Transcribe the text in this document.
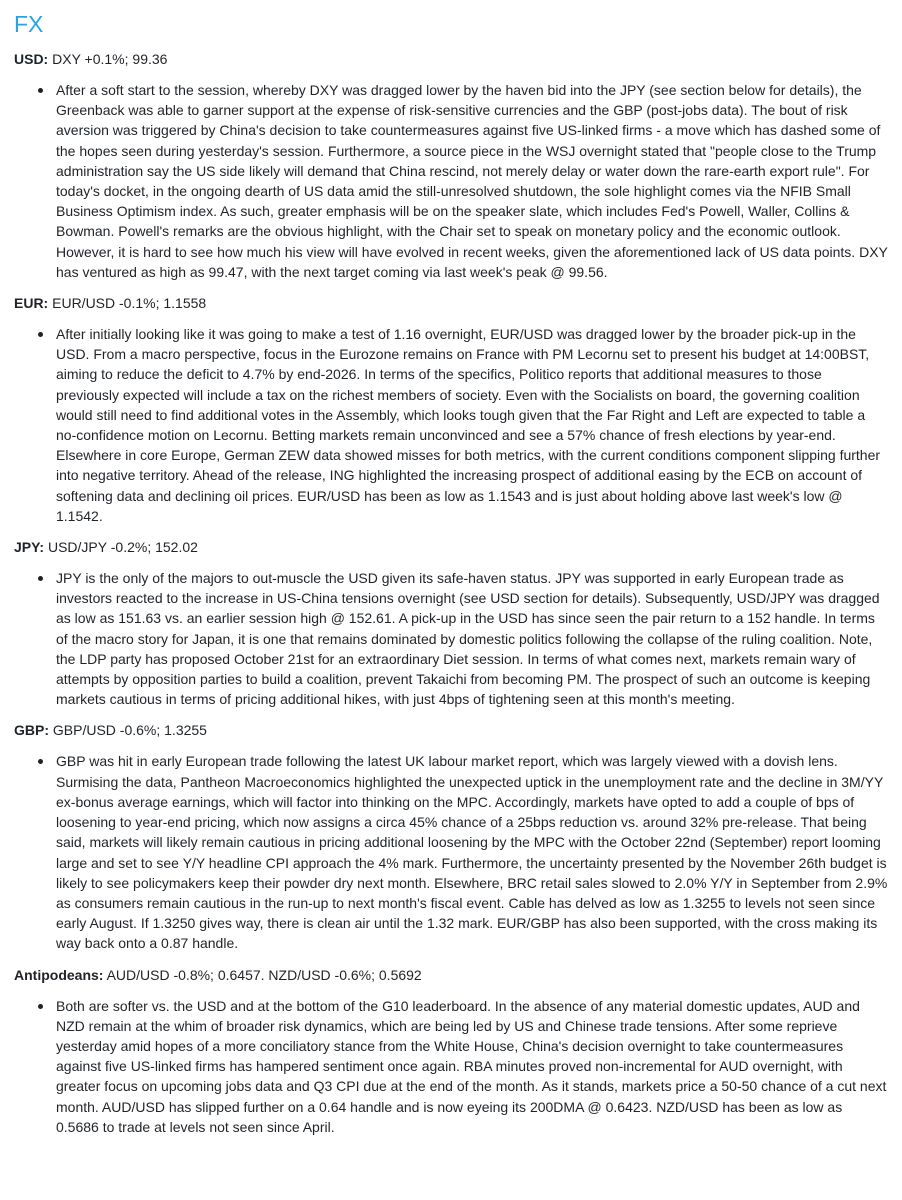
FX

USD: DXY +0.1%; 99.36

After a soft start to the session, whereby DXY was dragged lower by the haven bid into the JPY (see section below for details), the Greenback was able to garner support at the expense of risk-sensitive currencies and the GBP (post-jobs data). The bout of risk aversion was triggered by China's decision to take countermeasures against five US-linked firms - a move which has dashed some of the hopes seen during yesterday's session. Furthermore, a source piece in the WSJ overnight stated that "people close to the Trump administration say the US side likely will demand that China rescind, not merely delay or water down the rare-earth export rule". For today's docket, in the ongoing dearth of US data amid the still-unresolved shutdown, the sole highlight comes via the NFIB Small Business Optimism index. As such, greater emphasis will be on the speaker slate, which includes Fed's Powell, Waller, Collins & Bowman. Powell's remarks are the obvious highlight, with the Chair set to speak on monetary policy and the economic outlook. However, it is hard to see how much his view will have evolved in recent weeks, given the aforementioned lack of US data points. DXY has ventured as high as 99.47, with the next target coming via last week's peak @ 99.56.

EUR: EUR/USD -0.1%; 1.1558

After initially looking like it was going to make a test of 1.16 overnight, EUR/USD was dragged lower by the broader pick-up in the USD. From a macro perspective, focus in the Eurozone remains on France with PM Lecornu set to present his budget at 14:00BST, aiming to reduce the deficit to 4.7% by end-2026. In terms of the specifics, Politico reports that additional measures to those previously expected will include a tax on the richest members of society. Even with the Socialists on board, the governing coalition would still need to find additional votes in the Assembly, which looks tough given that the Far Right and Left are expected to table a no-confidence motion on Lecornu. Betting markets remain unconvinced and see a 57% chance of fresh elections by year-end. Elsewhere in core Europe, German ZEW data showed misses for both metrics, with the current conditions component slipping further into negative territory. Ahead of the release, ING highlighted the increasing prospect of additional easing by the ECB on account of softening data and declining oil prices. EUR/USD has been as low as 1.1543 and is just about holding above last week's low @ 1.1542.

JPY: USD/JPY -0.2%; 152.02

JPY is the only of the majors to out-muscle the USD given its safe-haven status. JPY was supported in early European trade as investors reacted to the increase in US-China tensions overnight (see USD section for details). Subsequently, USD/JPY was dragged as low as 151.63 vs. an earlier session high @ 152.61. A pick-up in the USD has since seen the pair return to a 152 handle. In terms of the macro story for Japan, it is one that remains dominated by domestic politics following the collapse of the ruling coalition. Note, the LDP party has proposed October 21st for an extraordinary Diet session. In terms of what comes next, markets remain wary of attempts by opposition parties to build a coalition, prevent Takaichi from becoming PM. The prospect of such an outcome is keeping markets cautious in terms of pricing additional hikes, with just 4bps of tightening seen at this month's meeting.

GBP: GBP/USD -0.6%; 1.3255

GBP was hit in early European trade following the latest UK labour market report, which was largely viewed with a dovish lens. Surmising the data, Pantheon Macroeconomics highlighted the unexpected uptick in the unemployment rate and the decline in 3M/YY ex-bonus average earnings, which will factor into thinking on the MPC. Accordingly, markets have opted to add a couple of bps of loosening to year-end pricing, which now assigns a circa 45% chance of a 25bps reduction vs. around 32% pre-release. That being said, markets will likely remain cautious in pricing additional loosening by the MPC with the October 22nd (September) report looming large and set to see Y/Y headline CPI approach the 4% mark. Furthermore, the uncertainty presented by the November 26th budget is likely to see policymakers keep their powder dry next month. Elsewhere, BRC retail sales slowed to 2.0% Y/Y in September from 2.9% as consumers remain cautious in the run-up to next month's fiscal event. Cable has delved as low as 1.3255 to levels not seen since early August. If 1.3250 gives way, there is clean air until the 1.32 mark. EUR/GBP has also been supported, with the cross making its way back onto a 0.87 handle.

Antipodeans: AUD/USD -0.8%; 0.6457. NZD/USD -0.6%; 0.5692

Both are softer vs. the USD and at the bottom of the G10 leaderboard. In the absence of any material domestic updates, AUD and NZD remain at the whim of broader risk dynamics, which are being led by US and Chinese trade tensions. After some reprieve yesterday amid hopes of a more conciliatory stance from the White House, China's decision overnight to take countermeasures against five US-linked firms has hampered sentiment once again. RBA minutes proved non-incremental for AUD overnight, with greater focus on upcoming jobs data and Q3 CPI due at the end of the month. As it stands, markets price a 50-50 chance of a cut next month. AUD/USD has slipped further on a 0.64 handle and is now eyeing its 200DMA @ 0.6423. NZD/USD has been as low as 0.5686 to trade at levels not seen since April.
